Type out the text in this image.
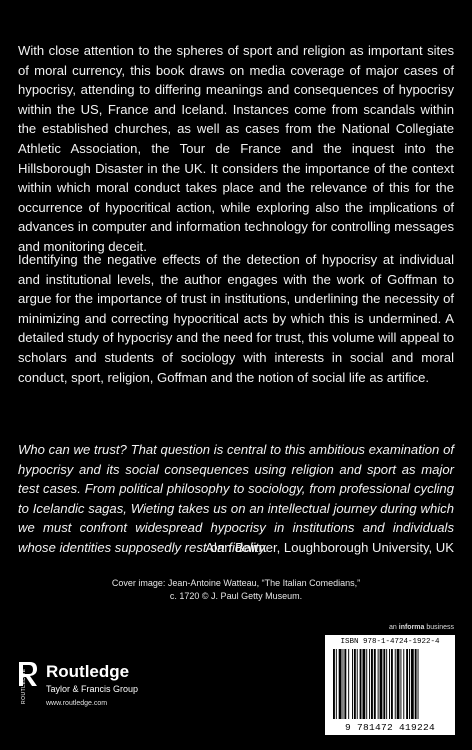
With close attention to the spheres of sport and religion as important sites of moral currency, this book draws on media coverage of major cases of hypocrisy, attending to differing meanings and consequences of hypocrisy within the US, France and Iceland. Instances come from scandals within the established churches, as well as cases from the National Collegiate Athletic Association, the Tour de France and the inquest into the Hillsborough Disaster in the UK. It considers the importance of the context within which moral conduct takes place and the relevance of this for the occurrence of hypocritical action, while exploring also the implications of advances in computer and information technology for controlling messages and monitoring deceit.

Identifying the negative effects of the detection of hypocrisy at individual and institutional levels, the author engages with the work of Goffman to argue for the importance of trust in institutions, underlining the necessity of minimizing and correcting hypocritical acts by which this is undermined. A detailed study of hypocrisy and the need for trust, this volume will appeal to scholars and students of sociology with interests in social and moral conduct, sport, religion, Goffman and the notion of social life as artifice.

Who can we trust? That question is central to this ambitious examination of hypocrisy and its social consequences using religion and sport as major test cases. From political philosophy to sociology, from professional cycling to Icelandic sagas, Wieting takes us on an intellectual journey during which we must confront widespread hypocrisy in institutions and individuals whose identities supposedly rest on fidelity.

Alan Bairner, Loughborough University, UK
Cover image: Jean-Antoine Watteau, “The Italian Comedians,”
c. 1720 © J. Paul Getty Museum.
an informa business
ISBN 978-1-4724-1922-4
9 781472 419224
ROUTLEDGE Routledge
Taylor & Francis Group
www.routledge.com
